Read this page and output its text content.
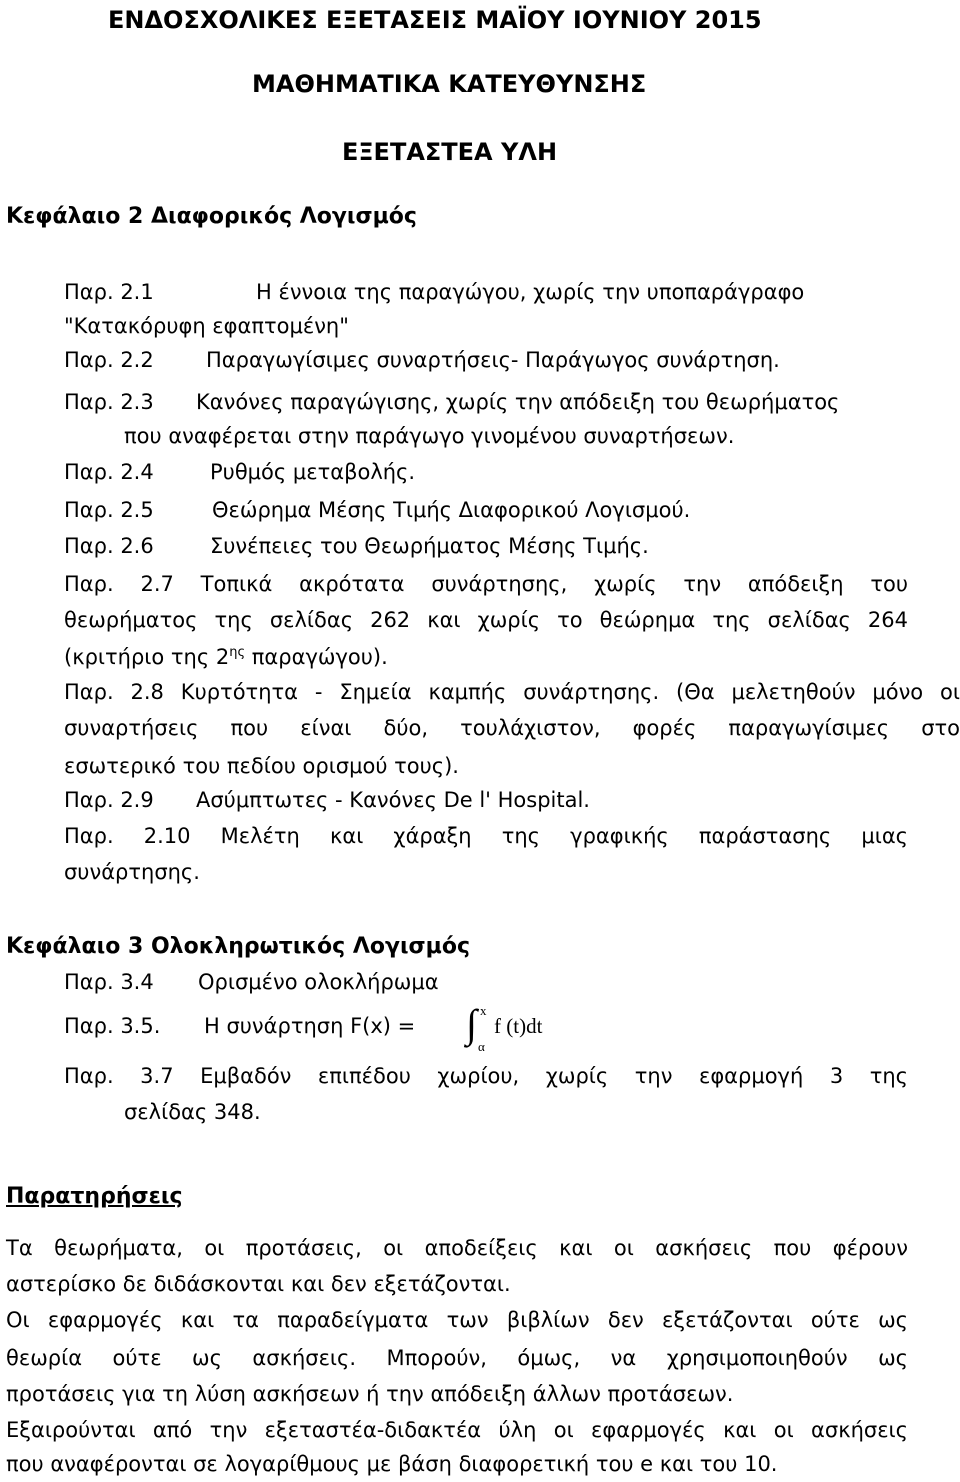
ΕΝΔΟΣΧΟΛΙΚΕΣ ΕΞΕΤΑΣΕΙΣ ΜΑΪΟΥ ΙΟΥΝΙΟΥ 2015
ΜΑΘΗΜΑΤΙΚΑ ΚΑΤΕΥΘΥΝΣΗΣ
ΕΞΕΤΑΣΤΕΑ ΥΛΗ
Κεφάλαιο 2 Διαφορικός Λογισμός
Παρ. 2.1	Η έννοια της παραγώγου, χωρίς την υποπαράγραφο
"Κατακόρυφη εφαπτομένη"
Παρ. 2.2 Παραγωγίσιμες συναρτήσεις- Παράγωγος συνάρτηση.
Παρ. 2.3 Κανόνες παραγώγισης, χωρίς την απόδειξη του θεωρήματος
που αναφέρεται στην παράγωγο γινομένου συναρτήσεων.
Παρ. 2.4	Ρυθμός μεταβολής.
Παρ. 2.5	Θεώρημα Μέσης Τιμής Διαφορικού Λογισμού.
Παρ. 2.6	Συνέπειες του Θεωρήματος Μέσης Τιμής.
Παρ. 2.7 Τοπικά ακρότατα συνάρτησης, χωρίς την απόδειξη του
θεωρήματος της σελίδας 262 και χωρίς το θεώρημα της σελίδας 264
(κριτήριο της $2^{\eta\varsigma}$ παραγώγου).
Παρ. 2.8 Κυρτότητα - Σημεία καμπής συνάρτησης. (Θα μελετηθούν μόνο οι
συναρτήσεις που είναι δύο, τουλάχιστον, φορές παραγωγίσιμες στο
εσωτερικό του πεδίου ορισμού τους).
Παρ. 2.9 Ασύμπτωτες - Κανόνες De l' Hospital.
Παρ. 2.10 Μελέτη και χάραξη της γραφικής παράστασης μιας
συνάρτησης.
Κεφάλαιο 3 Ολοκληρωτικός Λογισμός
Παρ. 3.4 Ορισμένο ολοκλήρωμα
Παρ. 3.5. Η συνάρτηση F(x) = ∫ x
α
f (t)dt
Παρ. 3.7 Εμβαδόν επιπέδου χωρίου, χωρίς την εφαρμογή 3 της
σελίδας 348.
Παρατηρήσεις
Τα θεωρήματα, οι προτάσεις, οι αποδείξεις και οι ασκήσεις που φέρουν
αστερίσκο δε διδάσκονται και δεν εξετάζονται.
Οι εφαρμογές και τα παραδείγματα των βιβλίων δεν εξετάζονται ούτε ως
θεωρία ούτε ως ασκήσεις. Μπορούν, όμως, να χρησιμοποιηθούν ως
προτάσεις για τη λύση ασκήσεων ή την απόδειξη άλλων προτάσεων.
Εξαιρούνται από την εξεταστέα-διδακτέα ύλη οι εφαρμογές και οι ασκήσεις
που αναφέρονται σε λογαρίθμους με βάση διαφορετική του e και του 10.
